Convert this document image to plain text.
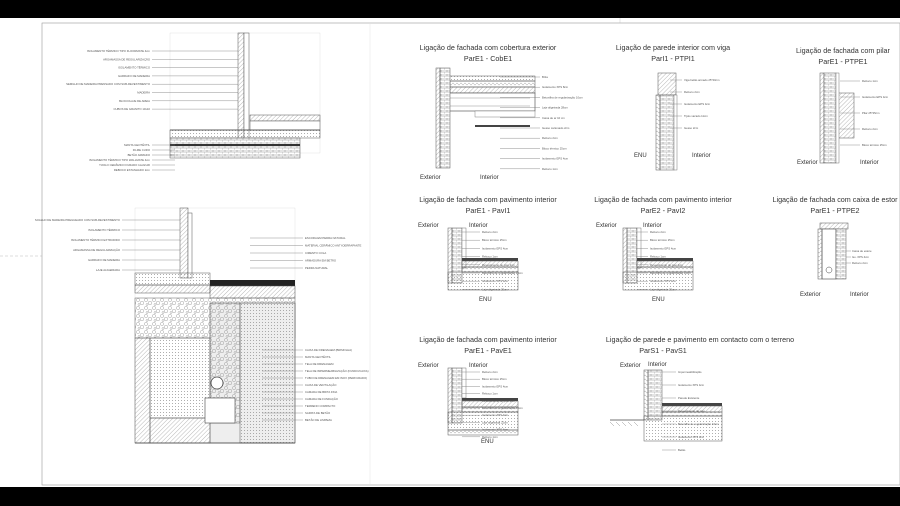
ISOLAMENTO TÉRMICO TIPO FLOORMATE 4cm
ARGAMASSA DE REGULARIZAÇÃO
ISOLAMENTO TÉRMICO
GARRAFO DE MADEIRA
SEMILHO DE MADEIRA PRENSADO COM SUB-REVESTIMENTO
MADEIRA
BLOCO/LAJE DE AREIA
CUBOS DE GRANITO 10x10
MANTA GEOTÊXTIL
FILME CURO
BETÃO ARMADO
ISOLAMENTO TÉRMICO TIPO WALLMATE 4cm
TIJOLO CERÂMICO FURADO 11x22x30
REBOCO ESTANHADO 2cm
SOALHO DE MADEIRA PREGUEADO COM SUB-REVESTIMENTO
ISOLAMENTO TÉRMICO
ISOLAMENTO TÉRMICO EXTRUDIDO
ARGAMASSA DE REGULARIZAÇÃO
GARRAFO DE MADEIRA
LAJE ALIGEIRADA
ESCORA EM PEDRA NATURAL
MATERIAL CERÂMICO ANTI-DERRAPANTE
CIMENTO COLA
ARMADURA EM BETÃO
PEDRA NATURAL
CAIXA DE DRENAGEM (BRIMOLHA)
MANTA GEOTÊXTIL
TELA DE DRENAGEM
TELA DE IMPERMEABILIZAÇÃO (FUNDO/CAIXA)
TUBO DE DRENAGEM EM INOX (PERFURADO)
CAIXA DE VENTILAÇÃO
CAMADA DE BRITA FINA
CAMADA DE FUNDAÇÃO
TERRENO COMPACTO
SAPATA DE BETÃO
BETÃO DE LIMPEZA
Ligação de fachada com cobertura exterior
ParE1 - CobE1
Exterior	Interior
Brita
Isolamento XPS 8cm
Betonilha de regularização 10cm
Laje aligeirada 28cm
Caixa de ar 10 cm
Gesso cartonado 2cm
Reboco 2cm
Bloco térmico 25cm
Isolamento EPS 4cm
Reboco 1cm
Ligação de parede interior com viga
ParI1 - PTPI1
ENU	Interior
Viga betão armado 25*40cm
Reboco 2cm
Isolamento EPS 4cm
Tijolo vazado 11cm
Gesso 2cm
Ligação de fachada com pilar
ParE1 - PTPE1
Exterior	Interior
Reboco 1cm
Isolamento EPS 4cm
Pilar 25*25cm
Reboco 2cm
Bloco térmico 25cm
Ligação de fachada com pavimento interior
ParE1 - PavI1
Exterior	Interior
ENU
Reboco 2cm
Bloco térmico 25cm
Isolamento EPS 4cm
Reboco 1cm
Revestimento de piso 2cm
Betonilha de regularização 10cm
Isolamento XPS 4cm
Laje aligeirada 22cm
Ligação de fachada com pavimento interior
ParE2 - PavI2
Exterior	Interior
ENU
Reboco 2cm
Bloco térmico 25cm
Isolamento EPS 4cm
Reboco 1cm
Revestimento de piso 2cm
Betonilha de regularização 10cm
Isolamento XPS 4cm
Laje aligeirada 22cm
Ligação de fachada com caixa de estor
ParE1 - PTPE2
Exterior	Interior
Caixa de estore
Iso. XPS 4cm
Reboco 2cm
Ligação de fachada com pavimento interior
ParE1 - PavE1
Exterior	Interior
ENU
Reboco 2cm
Bloco térmico 25cm
Isolamento EPS 4cm
Reboco 1cm
Revestimento de piso 2cm
Betonilha de regularização 10cm
Isolamento XPS 4cm
Laje aligeirada 22cm
Isolamento XPS 4cm
Reboco 1cm
Ligação de parede e pavimento em contacto com o terreno
ParS1 - PavS1
Exterior Interior
Impermeabilização
Isolamento XPS 4cm
Parede Existente
Revestimento de piso
Betonilha de regularização 10cm
Isolamento XPS 4cm
Betão
